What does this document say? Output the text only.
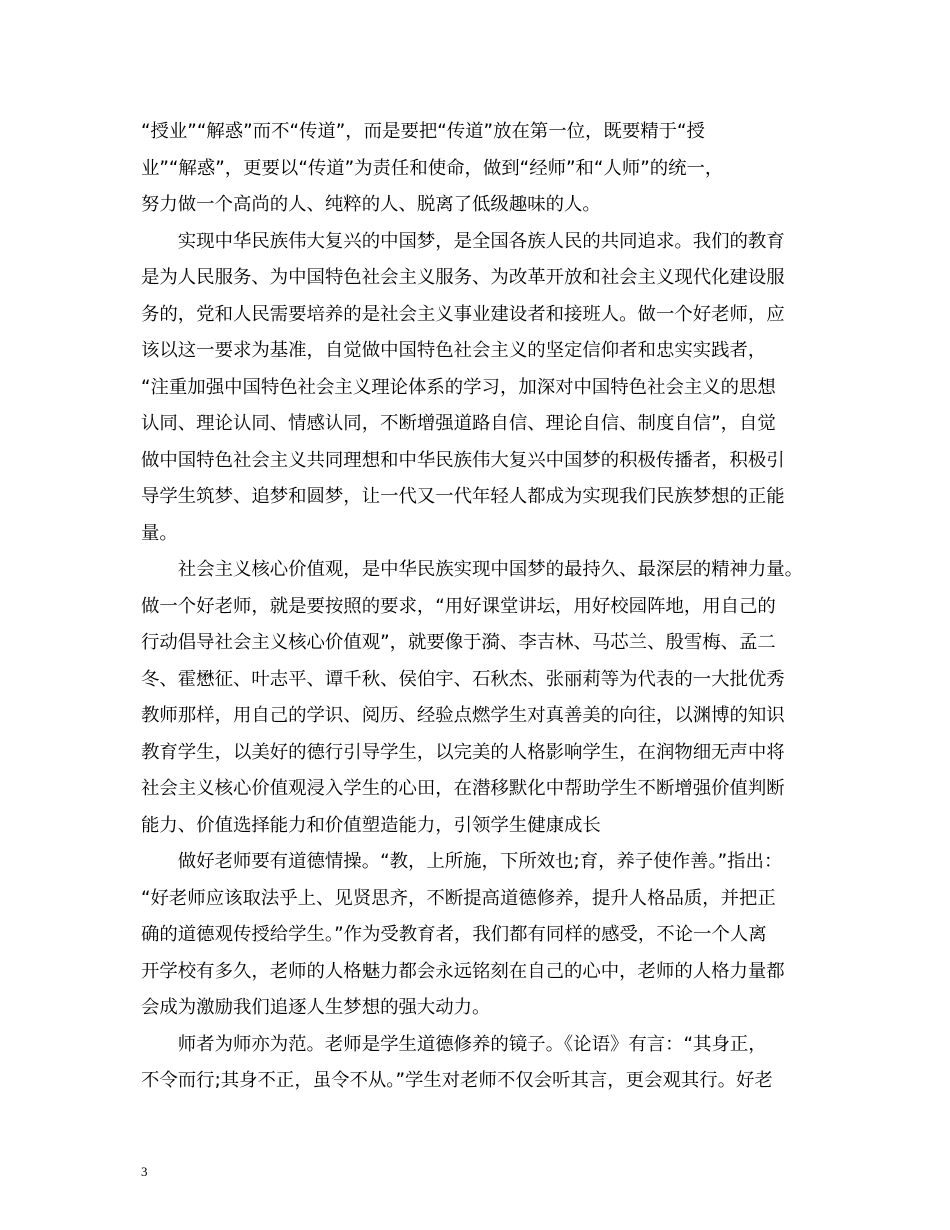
“授业”“解惑”而不“传道”，而是要把“传道”放在第一位，既要精于“授
业”“解惑”，更要以“传道”为责任和使命，做到“经师”和“人师”的统一，
努力做一个高尚的人、纯粹的人、脱离了低级趣味的人。
　　实现中华民族伟大复兴的中国梦，是全国各族人民的共同追求。我们的教育
是为人民服务、为中国特色社会主义服务、为改革开放和社会主义现代化建设服
务的，党和人民需要培养的是社会主义事业建设者和接班人。做一个好老师，应
该以这一要求为基准，自觉做中国特色社会主义的坚定信仰者和忠实实践者，
“注重加强中国特色社会主义理论体系的学习，加深对中国特色社会主义的思想
认同、理论认同、情感认同，不断增强道路自信、理论自信、制度自信”，自觉
做中国特色社会主义共同理想和中华民族伟大复兴中国梦的积极传播者，积极引
导学生筑梦、追梦和圆梦，让一代又一代年轻人都成为实现我们民族梦想的正能
量。
　　社会主义核心价值观，是中华民族实现中国梦的最持久、最深层的精神力量。
做一个好老师，就是要按照的要求，“用好课堂讲坛，用好校园阵地，用自己的
行动倡导社会主义核心价值观”，就要像于漪、李吉林、马芯兰、殷雪梅、孟二
冬、霍懋征、叶志平、谭千秋、侯伯宇、石秋杰、张丽莉等为代表的一大批优秀
教师那样，用自己的学识、阅历、经验点燃学生对真善美的向往，以渊博的知识
教育学生，以美好的德行引导学生，以完美的人格影响学生，在润物细无声中将
社会主义核心价值观浸入学生的心田，在潜移默化中帮助学生不断增强价值判断
能力、价值选择能力和价值塑造能力，引领学生健康成长
　　做好老师要有道德情操。“教，上所施，下所效也;育，养子使作善。”指出：
“好老师应该取法乎上、见贤思齐，不断提高道德修养，提升人格品质，并把正
确的道德观传授给学生。”作为受教育者，我们都有同样的感受，不论一个人离
开学校有多久，老师的人格魅力都会永远铭刻在自己的心中，老师的人格力量都
会成为激励我们追逐人生梦想的强大动力。
　　师者为师亦为范。老师是学生道德修养的镜子。《论语》有言：“其身正，
不令而行;其身不正，虽令不从。”学生对老师不仅会听其言，更会观其行。好老
3
